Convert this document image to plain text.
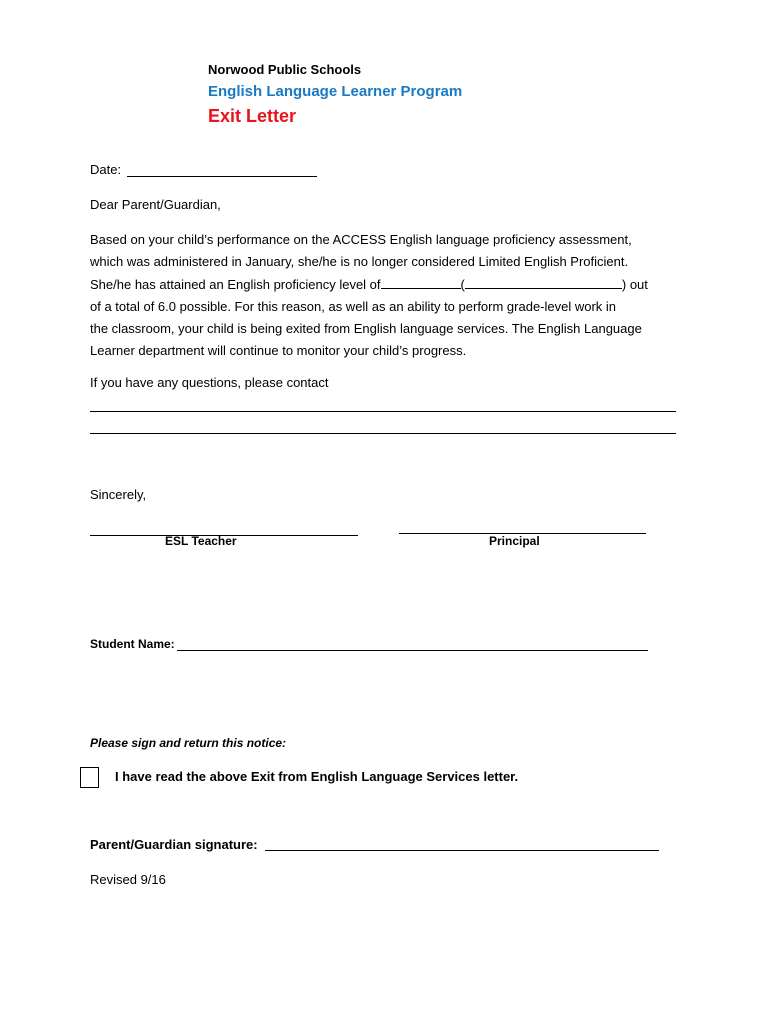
Norwood Public Schools
English Language Learner Program
Exit Letter
Date:
Dear Parent/Guardian,

Based on your child’s performance on the ACCESS English language proficiency assessment,

which was administered in January, she/he is no longer considered Limited English Proficient.

She/he has attained an English proficiency level of	(	) out

of a total of 6.0 possible. For this reason, as well as an ability to perform grade-level work in

the classroom, your child is being exited from English language services. The English Language

Learner department will continue to monitor your child’s progress.

If you have any questions, please contact
Sincerely,
ESL Teacher	Principal
Student Name:
Please sign and return this notice:
I have read the above Exit from English Language Services letter.
Parent/Guardian signature:
Revised 9/16
